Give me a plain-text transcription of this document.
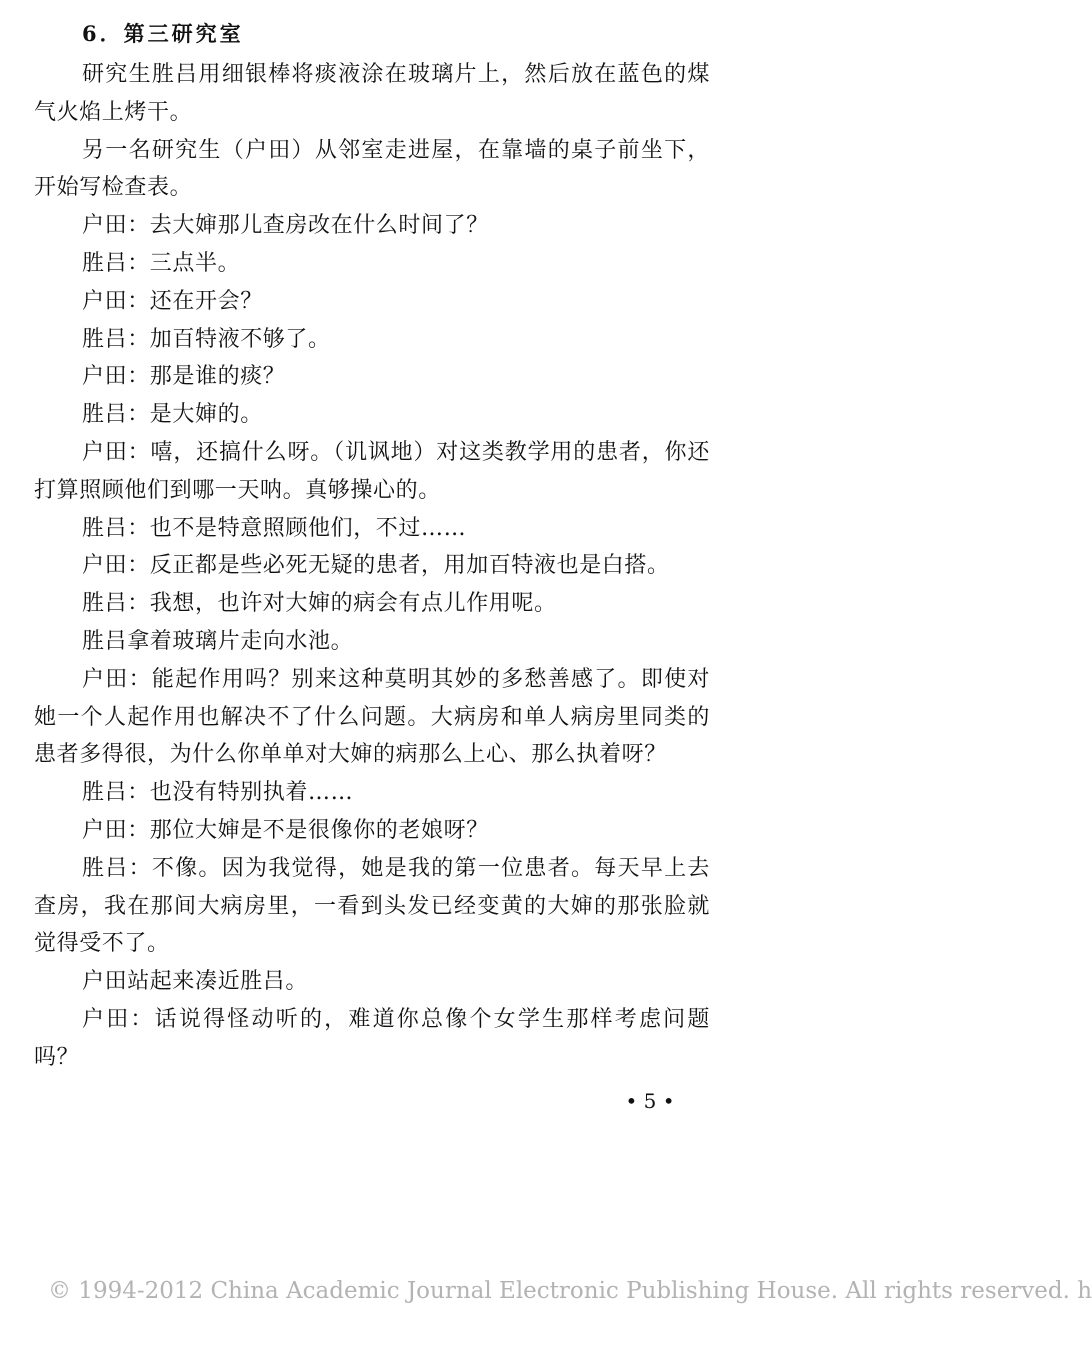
6．第三研究室

研究生胜吕用细银棒将痰液涂在玻璃片上，然后放在蓝色的煤气火焰上烤干。

另一名研究生（户田）从邻室走进屋，在靠墙的桌子前坐下，开始写检查表。

户田：去大婶那儿查房改在什么时间了？

胜吕：三点半。

户田：还在开会？

胜吕：加百特液不够了。

户田：那是谁的痰？

胜吕：是大婶的。

户田：嘻，还搞什么呀。（讥讽地）对这类教学用的患者，你还打算照顾他们到哪一天呐。真够操心的。

胜吕：也不是特意照顾他们，不过……

户田：反正都是些必死无疑的患者，用加百特液也是白搭。

胜吕：我想，也许对大婶的病会有点儿作用呢。

胜吕拿着玻璃片走向水池。

户田：能起作用吗？别来这种莫明其妙的多愁善感了。即使对她一个人起作用也解决不了什么问题。大病房和单人病房里同类的患者多得很，为什么你单单对大婶的病那么上心、那么执着呀？

胜吕：也没有特别执着……

户田：那位大婶是不是很像你的老娘呀？

胜吕：不像。因为我觉得，她是我的第一位患者。每天早上去查房，我在那间大病房里，一看到头发已经变黄的大婶的那张脸就觉得受不了。

户田站起来凑近胜吕。

户田：话说得怪动听的，难道你总像个女学生那样考虑问题吗？

• 5 •
© 1994-2012 China Academic Journal Electronic Publishing House. All rights reserved. h
